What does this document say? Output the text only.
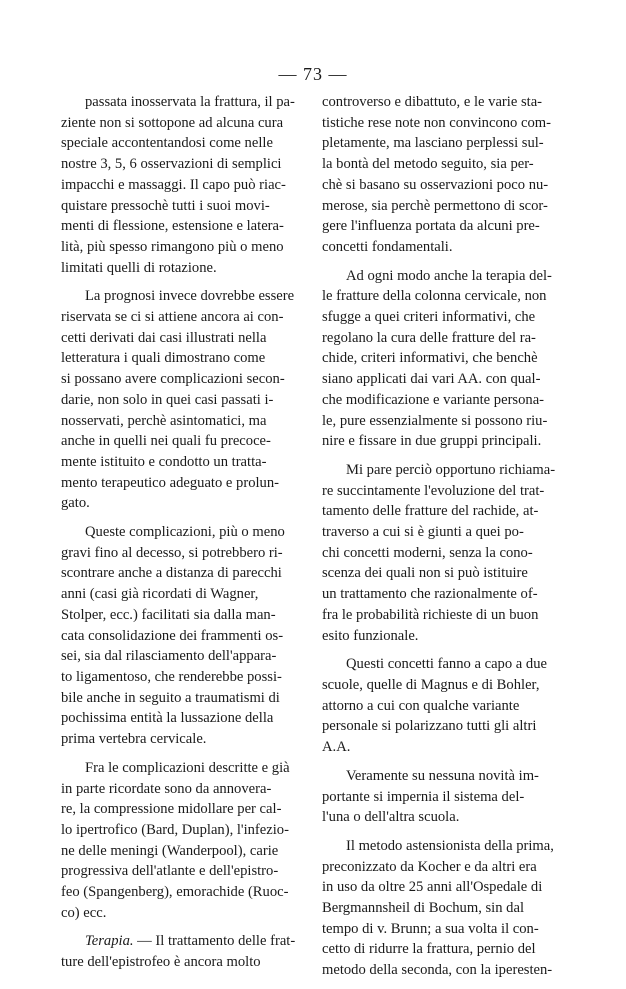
— 73 —

passata inosservata la frattura, il pa-
ziente non si sottopone ad alcuna cura
speciale accontentandosi come nelle
nostre 3, 5, 6 osservazioni di semplici
impacchi e massaggi. Il capo può riac-
quistare pressochè tutti i suoi movi-
menti di flessione, estensione e latera-
lità, più spesso rimangono più o meno
limitati quelli di rotazione.

La prognosi invece dovrebbe essere
riservata se ci si attiene ancora ai con-
cetti derivati dai casi illustrati nella
letteratura i quali dimostrano come
si possano avere complicazioni secon-
darie, non solo in quei casi passati i-
nosservati, perchè asintomatici, ma
anche in quelli nei quali fu precoce-
mente istituito e condotto un tratta-
mento terapeutico adeguato e prolun-
gato.

Queste complicazioni, più o meno
gravi fino al decesso, si potrebbero ri-
scontrare anche a distanza di parecchi
anni (casi già ricordati di Wagner,
Stolper, ecc.) facilitati sia dalla man-
cata consolidazione dei frammenti os-
sei, sia dal rilasciamento dell'appara-
to ligamentoso, che renderebbe possi-
bile anche in seguito a traumatismi di
pochissima entità la lussazione della
prima vertebra cervicale.

Fra le complicazioni descritte e già
in parte ricordate sono da annovera-
re, la compressione midollare per cal-
lo ipertrofico (Bard, Duplan), l'infezio-
ne delle meningi (Wanderpool), carie
progressiva dell'atlante e dell'epistro-
feo (Spangenberg), emorachide (Ruoc-
co) ecc.

Terapia. — Il trattamento delle frat-
ture dell'epistrofeo è ancora molto

controverso e dibattuto, e le varie sta-
tistiche rese note non convincono com-
pletamente, ma lasciano perplessi sul-
la bontà del metodo seguito, sia per-
chè si basano su osservazioni poco nu-
merose, sia perchè permettono di scor-
gere l'influenza portata da alcuni pre-
concetti fondamentali.

Ad ogni modo anche la terapia del-
le fratture della colonna cervicale, non
sfugge a quei criteri informativi, che
regolano la cura delle fratture del ra-
chide, criteri informativi, che benchè
siano applicati dai vari AA. con qual-
che modificazione e variante persona-
le, pure essenzialmente si possono riu-
nire e fissare in due gruppi principali.

Mi pare perciò opportuno richiama-
re succintamente l'evoluzione del trat-
tamento delle fratture del rachide, at-
traverso a cui si è giunti a quei po-
chi concetti moderni, senza la cono-
scenza dei quali non si può istituire
un trattamento che razionalmente of-
fra le probabilità richieste di un buon
esito funzionale.

Questi concetti fanno a capo a due
scuole, quelle di Magnus e di Bohler,
attorno a cui con qualche variante
personale si polarizzano tutti gli altri
A.A.

Veramente su nessuna novità im-
portante si impernia il sistema del-
l'una o dell'altra scuola.

Il metodo astensionista della prima,
preconizzato da Kocher e da altri era
in uso da oltre 25 anni all'Ospedale di
Bergmannsheil di Bochum, sin dal
tempo di v. Brunn; a sua volta il con-
cetto di ridurre la frattura, pernio del
metodo della seconda, con la iperesten-
